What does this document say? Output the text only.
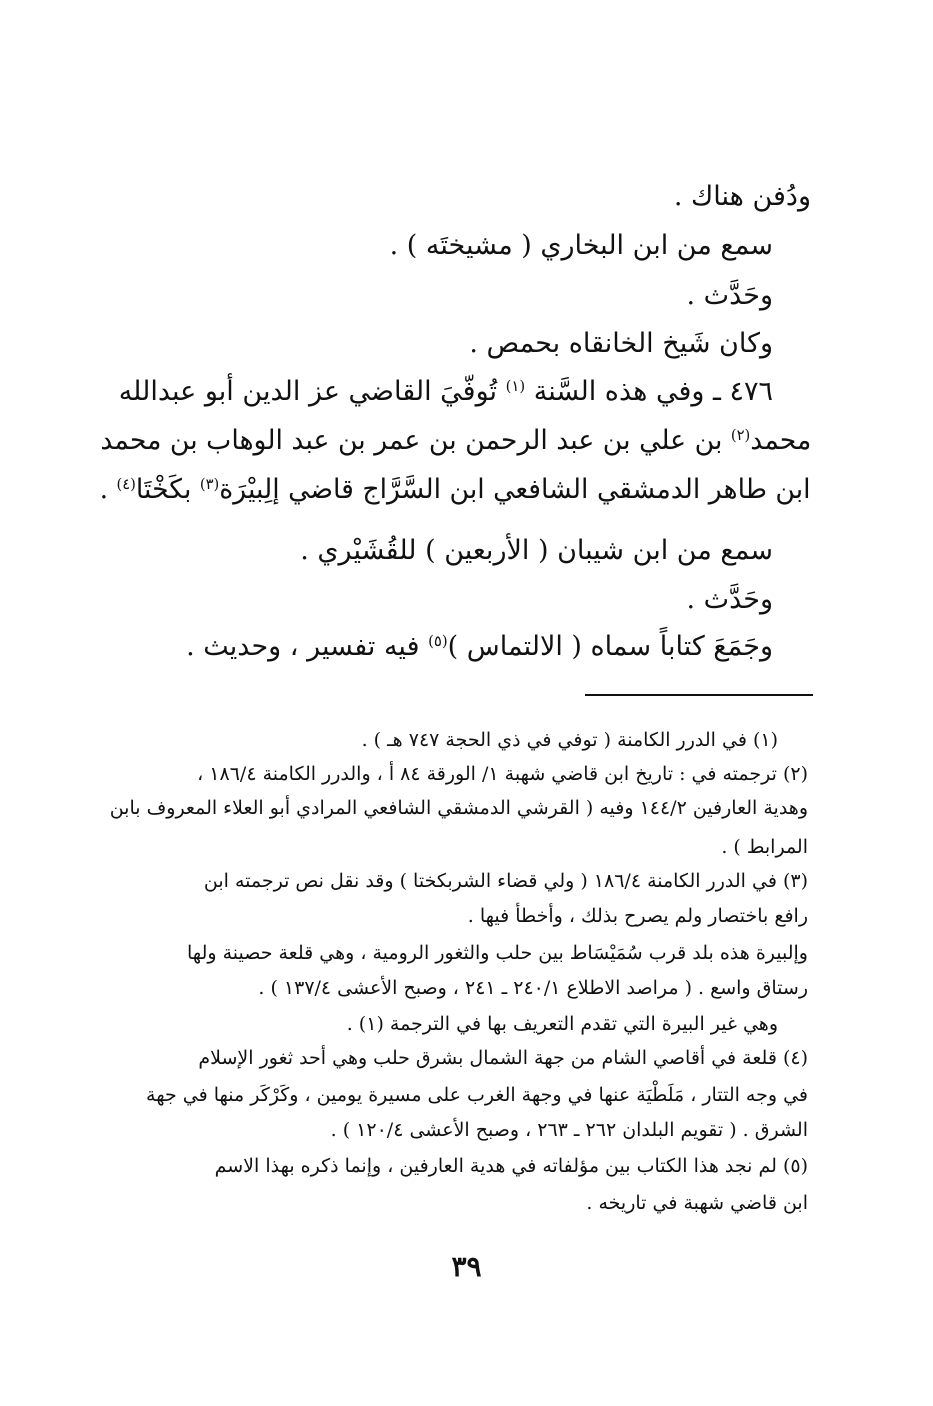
ودُفن هناك .

سمع من ابن البخاري ( مشيختَه ) .

وحَدَّث .

وكان شَيخ الخانقاه بحمص .

٤٧٦ ـ وفي هذه السَّنة $^{(١)}$ تُوفّيَ القاضي عز الدين أبو عبدالله

محمد$^{(٢)}$ بن علي بن عبد الرحمن بن عمر بن عبد الوهاب بن محمد

ابن طاهر الدمشقي الشافعي ابن السَّرَّاج قاضي إلِبيْرَة$^{(٣)}$ بكَخْتَا$^{(٤)}$ .

سمع من ابن شيبان ( الأربعين ) للقُشَيْري .

وحَدَّث .

وجَمَعَ كتاباً سماه ( الالتماس )$^{(٥)}$ فيه تفسير ، وحديث .

(١) في الدرر الكامنة ( توفي في ذي الحجة ٧٤٧ هـ ) .

(٢) ترجمته في : تاريخ ابن قاضي شهبة ١/ الورقة ٨٤ أ ، والدرر الكامنة ١٨٦/٤ ،

وهدية العارفين ١٤٤/٢ وفيه ( القرشي الدمشقي الشافعي المرادي أبو العلاء المعروف بابن

المرابط ) .

(٣) في الدرر الكامنة ١٨٦/٤ ( ولي قضاء الشربكختا ) وقد نقل نص ترجمته ابن

رافع باختصار ولم يصرح بذلك ، وأخطأ فيها .

وإلبيرة هذه بلد قرب سُمَيْسَاط بين حلب والثغور الرومية ، وهي قلعة حصينة ولها

رستاق واسع . ( مراصد الاطلاع ٢٤٠/١ ـ ٢٤١ ، وصبح الأعشى ١٣٧/٤ ) .

وهي غير البيرة التي تقدم التعريف بها في الترجمة (١) .

(٤) قلعة في أقاصي الشام من جهة الشمال بشرق حلب وهي أحد ثغور الإسلام

في وجه التتار ، مَلَطْيَة عنها في وجهة الغرب على مسيرة يومين ، وكَرْكَر منها في جهة

الشرق . ( تقويم البلدان ٢٦٢ ـ ٢٦٣ ، وصبح الأعشى ١٢٠/٤ ) .

(٥) لم نجد هذا الكتاب بين مؤلفاته في هدية العارفين ، وإنما ذكره بهذا الاسم

ابن قاضي شهبة في تاريخه .

٣٩
